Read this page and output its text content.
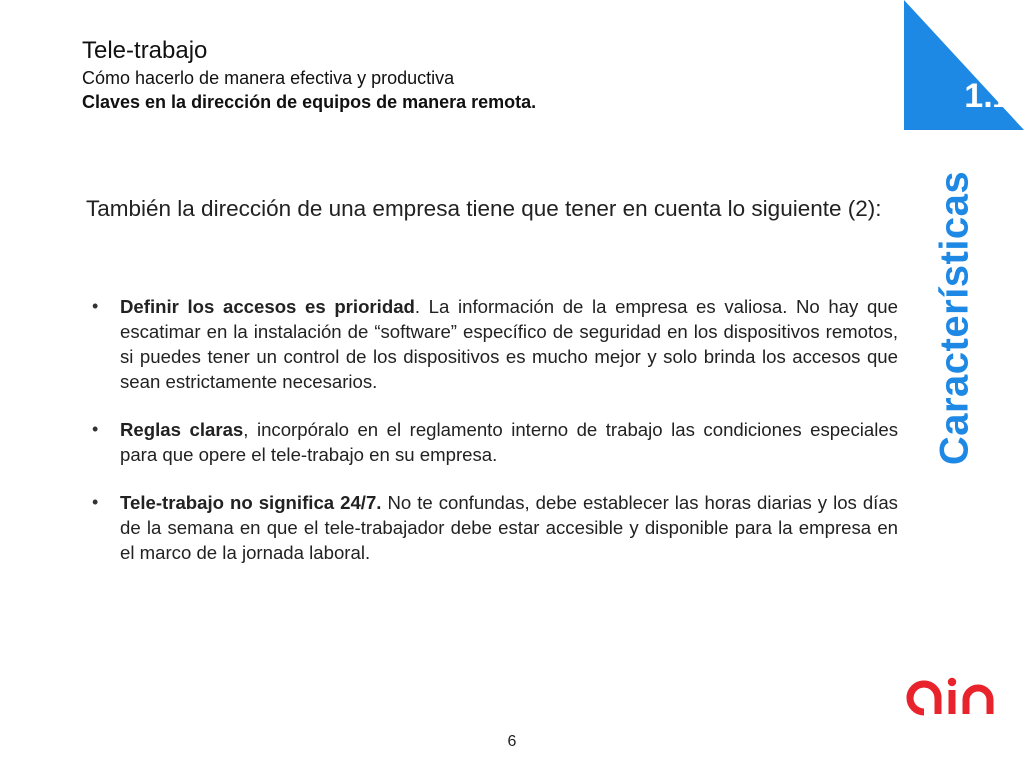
Tele-trabajo
Cómo hacerlo de manera efectiva y productiva
Claves en la dirección de equipos de manera remota.	1.1
Características
También la dirección de una empresa tiene que tener en cuenta lo siguiente (2):
• Definir los accesos es prioridad. La información de la empresa es valiosa. No hay que escatimar en la instalación de “software” específico de seguridad en los dispositivos remotos, si puedes tener un control de los dispositivos es mucho mejor y solo brinda los accesos que sean estrictamente necesarios.

• Reglas claras, incorpóralo en el reglamento interno de trabajo las condiciones especiales para que opere el tele-trabajo en su empresa.

• Tele-trabajo no significa 24/7. No te confundas, debe establecer las horas diarias y los días de la semana en que el tele-trabajador debe estar accesible y disponible para la empresa en el marco de la jornada laboral.

6
